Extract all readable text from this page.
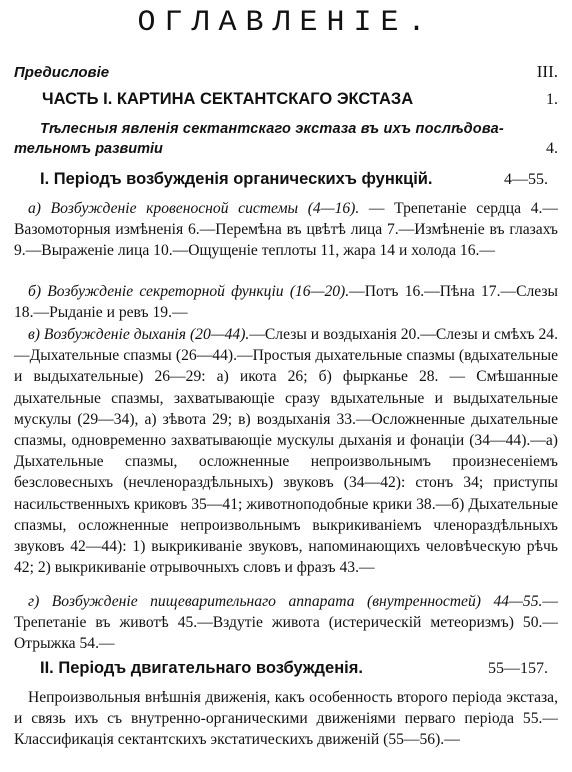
ОГЛАВЛЕНІЕ.
Предисловіе	III.
ЧАСТЬ I. КАРТИНА СЕКТАНТСКАГО ЭКСТАЗА	1.
Тѣлесныя явленія сектантскаго экстаза въ ихъ послѣдова-
тельномъ развитіи	4.
I. Періодъ возбужденія органическихъ функцій.	4—55.
а) Возбужденіе кровеносной системы (4—16). — Трепетаніе сердца 4.—Вазомоторныя измѣненія 6.—Перемѣна въ цвѣтѣ лица 7.—Измѣненіе въ глазахъ 9.—Выраженіе лица 10.—Ощущеніе теплоты 11, жара 14 и холода 16.—
б) Возбужденіе секреторной функціи (16—20).—Потъ 16.—Пѣна 17.—Слезы 18.—Рыданіе и ревъ 19.—
в) Возбужденіе дыханія (20—44).—Слезы и воздыханія 20.—Слезы и смѣхъ 24.—Дыхательные спазмы (26—44).—Простыя дыхательные спазмы (вдыхательные и выдыхательные) 26—29: а) икота 26; б) фырканье 28. — Смѣшанные дыхательные спазмы, захватывающіе сразу вдыхательные и выдыхательные мускулы (29—34), а) зѣвота 29; в) воздыханія 33.—Осложненные дыхательные спазмы, одновременно захватывающіе мускулы дыханія и фонаціи (34—44).—а) Дыхательные спазмы, осложненные непроизвольнымъ произнесеніемъ безсловесныхъ (нечленораздѣльныхъ) звуковъ (34—42): стонъ 34; приступы насильственныхъ криковъ 35—41; животноподобные крики 38.—б) Дыхательные спазмы, осложненные непроизвольнымъ выкрикиваніемъ членораздѣльныхъ звуковъ 42—44): 1) выкрикиваніе звуковъ, напоминающихъ человѣческую рѣчь 42; 2) выкрикиваніе отрывочныхъ словъ и фразъ 43.—
г) Возбужденіе пищеварительнаго аппарата (внутренностей) 44—55.—Трепетаніе въ животѣ 45.—Вздутіе живота (истерическій метеоризмъ) 50.—Отрыжка 54.—
II. Періодъ двигательнаго возбужденія.	55—157.
Непроизвольныя внѣшнія движенія, какъ особенность второго періода экстаза, и связь ихъ съ внутренно-органическими движеніями перваго періода 55.—Классификація сектантскихъ экстатическихъ движеній (55—56).—
